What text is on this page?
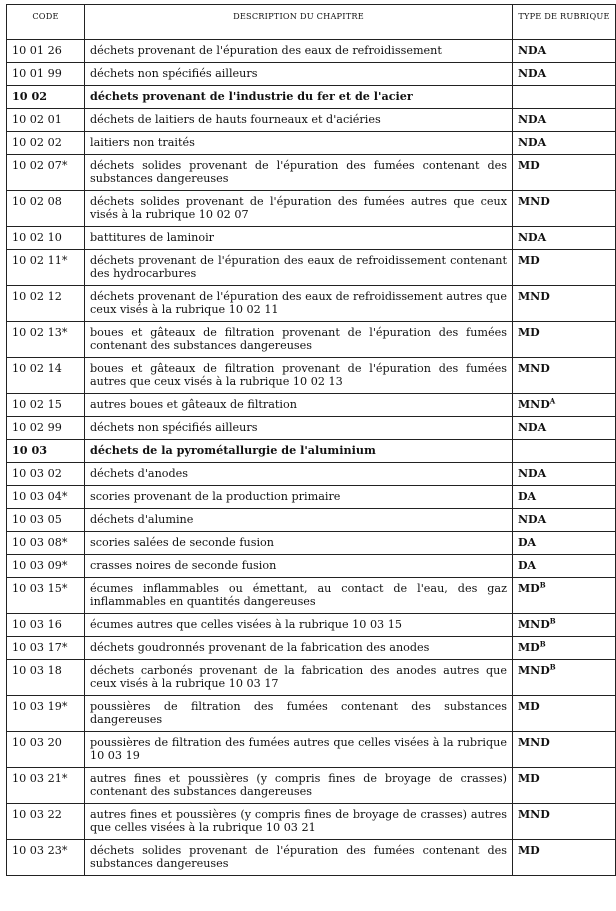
CODE	DESCRIPTION DU CHAPITRE	TYPE DE RUBRIQUE
10 01 26	déchets provenant de l'épuration des eaux de refroidissement	NDA
10 01 99	déchets non spécifiés ailleurs	NDA
10 02	déchets provenant de l'industrie du fer et de l'acier	
10 02 01	déchets de laitiers de hauts fourneaux et d'aciéries	NDA
10 02 02	laitiers non traités	NDA
10 02 07*	déchets solides provenant de l'épuration des fumées contenant des substances dangereuses	MD
10 02 08	déchets solides provenant de l'épuration des fumées autres que ceux visés à la rubrique 10 02 07	MND
10 02 10	battitures de laminoir	NDA
10 02 11*	déchets provenant de l'épuration des eaux de refroidissement contenant des hydrocarbures	MD
10 02 12	déchets provenant de l'épuration des eaux de refroidissement autres que ceux visés à la rubrique 10 02 11	MND
10 02 13*	boues et gâteaux de filtration provenant de l'épuration des fumées contenant des substances dangereuses	MD
10 02 14	boues et gâteaux de filtration provenant de l'épuration des fumées autres que ceux visés à la rubrique 10 02 13	MND
10 02 15	autres boues et gâteaux de filtration	$MND^A$
10 02 99	déchets non spécifiés ailleurs	NDA
10 03	déchets de la pyrométallurgie de l'aluminium	
10 03 02	déchets d'anodes	NDA
10 03 04*	scories provenant de la production primaire	DA
10 03 05	déchets d'alumine	NDA
10 03 08*	scories salées de seconde fusion	DA
10 03 09*	crasses noires de seconde fusion	DA
10 03 15*	écumes inflammables ou émettant, au contact de l'eau, des gaz inflammables en quantités dangereuses	$MD^B$
10 03 16	écumes autres que celles visées à la rubrique 10 03 15	$MND^B$
10 03 17*	déchets goudronnés provenant de la fabrication des anodes	$MD^B$
10 03 18	déchets carbonés provenant de la fabrication des anodes autres que ceux visés à la rubrique 10 03 17	$MND^B$
10 03 19*	poussières de filtration des fumées contenant des substances dangereuses	MD
10 03 20	poussières de filtration des fumées autres que celles visées à la rubrique 10 03 19	MND
10 03 21*	autres fines et poussières (y compris fines de broyage de crasses) contenant des substances dangereuses	MD
10 03 22	autres fines et poussières (y compris fines de broyage de crasses) autres que celles visées à la rubrique 10 03 21	MND
10 03 23*	déchets solides provenant de l'épuration des fumées contenant des substances dangereuses	MD
